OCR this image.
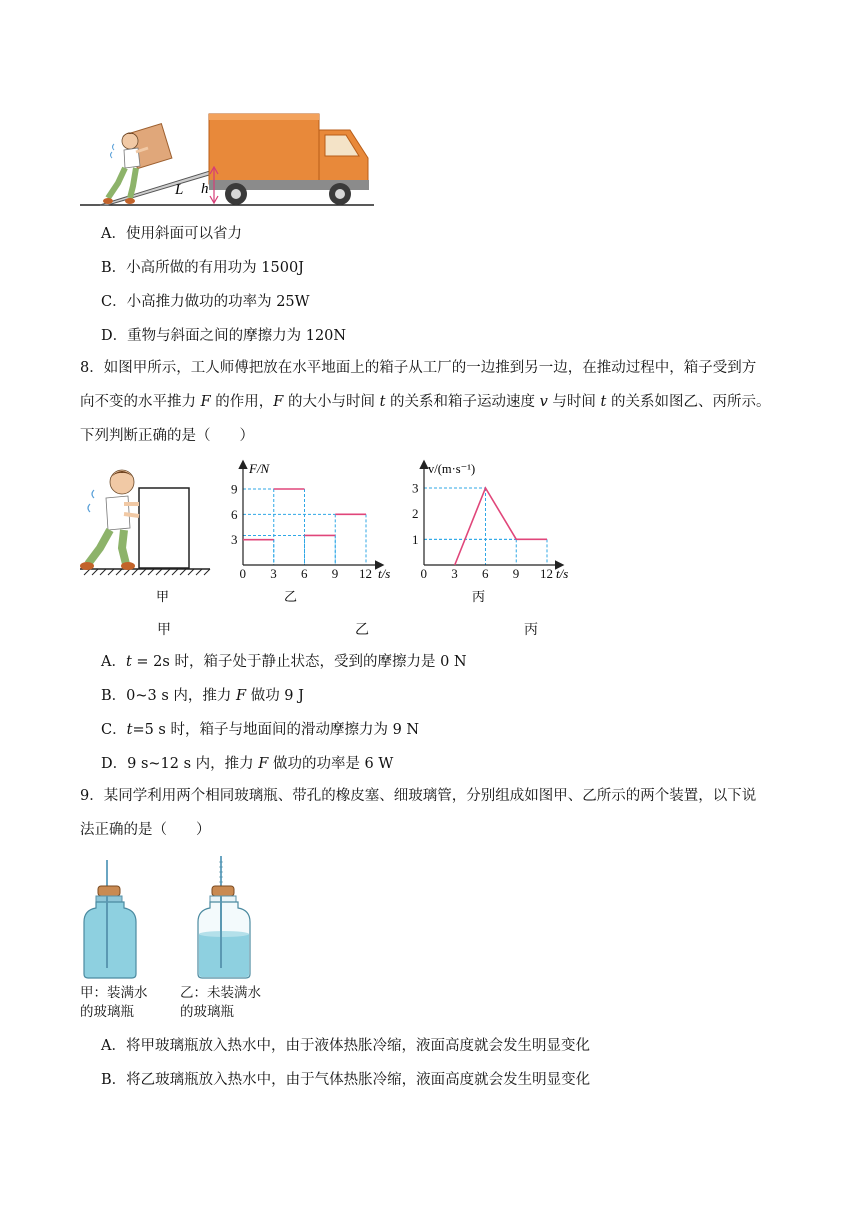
L h
A．使用斜面可以省力
B．小高所做的有用功为 1500J
C．小高推力做功的功率为 25W
D．重物与斜面之间的摩擦力为 120N
8．如图甲所示，工人师傅把放在水平地面上的箱子从工厂的一边推到另一边，在推动过程中，箱子受到方
向不变的水平推力 F 的作用，F 的大小与时间 t 的关系和箱子运动速度 v 与时间 t 的关系如图乙、丙所示。
下列判断正确的是（　　）
甲
0 3 6 9 12
3
6
9
F/N
t/s
乙
0 3 6 9 12
1
2
3
v/(m·s⁻¹)
t/s
丙
甲	乙	丙
A．t = 2s 时，箱子处于静止状态，受到的摩擦力是 0 N
B．0~3 s 内，推力 F 做功 9 J
C．t=5 s 时，箱子与地面间的滑动摩擦力为 9 N
D．9 s~12 s 内，推力 F 做功的功率是 6 W
9．某同学利用两个相同玻璃瓶、带孔的橡皮塞、细玻璃管，分别组成如图甲、乙所示的两个装置，以下说
法正确的是（　　）
甲：装满水的玻璃瓶
乙：未装满水的玻璃瓶
A．将甲玻璃瓶放入热水中，由于液体热胀冷缩，液面高度就会发生明显变化
B．将乙玻璃瓶放入热水中，由于气体热胀冷缩，液面高度就会发生明显变化
